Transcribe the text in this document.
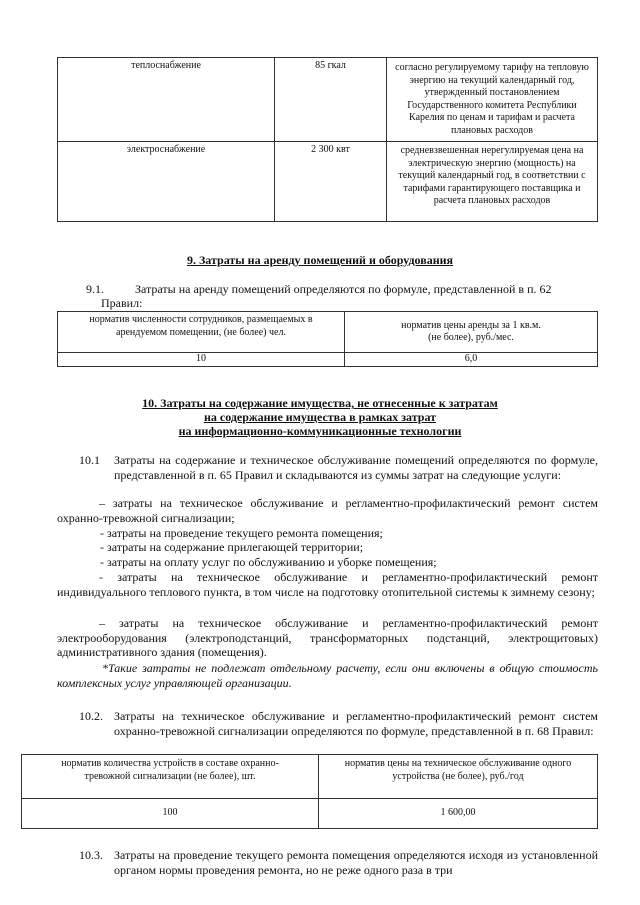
теплоснабжение	85 гкал	согласно регулируемому тарифу на тепловую энергию на текущий календарный год, утвержденный постановлением Государственного комитета Республики Карелия по ценам и тарифам и расчета плановых расходов

электроснабжение	2 300 квт	средневзвешенная нерегулируемая цена на электрическую энергию (мощность) на текущий календарный год, в соответствии с тарифами гарантирующего поставщика и расчета плановых расходов
9. Затраты на аренду помещений и оборудования
9.1.	Затраты на аренду помещений определяются по формуле, представленной в п. 62
Правил:
норматив численности сотрудников, размещаемых в арендуемом помещении, (не более) чел.	норматив цены аренды за 1 кв.м. (не более), руб./мес.

10	6,0
10. Затраты на содержание имущества, не отнесенные к затратам
на содержание имущества в рамках затрат
на информационно-коммуникационные технологии
10.1 Затраты на содержание и техническое обслуживание помещений определяются по формуле, представленной в п. 65 Правил и складываются из суммы затрат на следующие услуги:
– затраты на техническое обслуживание и регламентно-профилактический ремонт систем охранно-тревожной сигнализации;
- затраты на проведение текущего ремонта помещения;
- затраты на содержание прилегающей территории;
- затраты на оплату услуг по обслуживанию и уборке помещения;
- затраты на техническое обслуживание и регламентно-профилактический ремонт индивидуального теплового пункта, в том числе на подготовку отопительной системы к зимнему сезону;
– затраты на техническое обслуживание и регламентно-профилактический ремонт электрооборудования (электроподстанций, трансформаторных подстанций, электрощитовых) административного здания (помещения).
*Такие затраты не подлежат отдельному расчету, если они включены в общую стоимость комплексных услуг управляющей организации.
10.2. Затраты на техническое обслуживание и регламентно-профилактический ремонт систем охранно-тревожной сигнализации определяются по формуле, представленной в п. 68 Правил:
норматив количества устройств в составе охранно-тревожной сигнализации (не более), шт.	норматив цены на техническое обслуживание одного устройства (не более), руб./год

100	1 600,00
10.3. Затраты на проведение текущего ремонта помещения определяются исходя из установленной органом нормы проведения ремонта, но не реже одного раза в три
